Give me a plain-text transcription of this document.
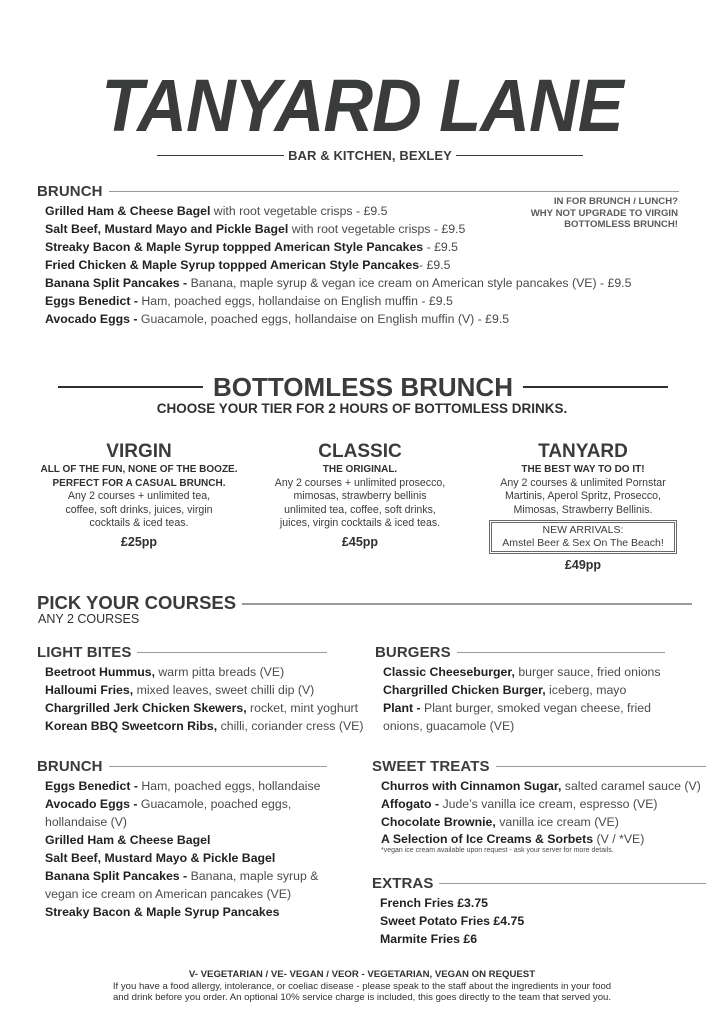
TANYARD LANE
BAR & KITCHEN, BEXLEY
BRUNCH
IN FOR BRUNCH / LUNCH?
WHY NOT UPGRADE TO VIRGIN
BOTTOMLESS BRUNCH!
Grilled Ham & Cheese Bagel with root vegetable crisps - £9.5
Salt Beef, Mustard Mayo and Pickle Bagel with root vegetable crisps - £9.5
Streaky Bacon & Maple Syrup toppped American Style Pancakes - £9.5
Fried Chicken & Maple Syrup toppped American Style Pancakes- £9.5
Banana Split Pancakes - Banana, maple syrup & vegan ice cream on American style pancakes (VE) - £9.5
Eggs Benedict - Ham, poached eggs, hollandaise on English muffin - £9.5
Avocado Eggs - Guacamole, poached eggs, hollandaise on English muffin (V) - £9.5
BOTTOMLESS BRUNCH
CHOOSE YOUR TIER FOR 2 HOURS OF BOTTOMLESS DRINKS.
VIRGIN
ALL OF THE FUN, NONE OF THE BOOZE.
PERFECT FOR A CASUAL BRUNCH.
Any 2 courses + unlimited tea,
coffee, soft drinks, juices, virgin
cocktails & iced teas.
£25pp
CLASSIC
THE ORIGINAL.
Any 2 courses + unlimited prosecco,
mimosas, strawberry bellinis
unlimited tea, coffee, soft drinks,
juices, virgin cocktails & iced teas.
£45pp
TANYARD
THE BEST WAY TO DO IT!
Any 2 courses & unlimited Pornstar
Martinis, Aperol Spritz, Prosecco,
Mimosas, Strawberry Bellinis.
NEW ARRIVALS:
Amstel Beer & Sex On The Beach!
£49pp
PICK YOUR COURSES
ANY 2 COURSES
LIGHT BITES
Beetroot Hummus, warm pitta breads (VE)
Halloumi Fries, mixed leaves, sweet chilli dip (V)
Chargrilled Jerk Chicken Skewers, rocket, mint yoghurt
Korean BBQ Sweetcorn Ribs, chilli, coriander cress (VE)
BURGERS
Classic Cheeseburger, burger sauce, fried onions
Chargrilled Chicken Burger, iceberg, mayo
Plant - Plant burger, smoked vegan cheese, fried
onions, guacamole (VE)
BRUNCH
Eggs Benedict - Ham, poached eggs, hollandaise
Avocado Eggs - Guacamole, poached eggs,
hollandaise (V)
Grilled Ham & Cheese Bagel
Salt Beef, Mustard Mayo & Pickle Bagel
Banana Split Pancakes - Banana, maple syrup &
vegan ice cream on American pancakes (VE)
Streaky Bacon & Maple Syrup Pancakes
SWEET TREATS
Churros with Cinnamon Sugar, salted caramel sauce (V)
Affogato - Jude’s vanilla ice cream, espresso (VE)
Chocolate Brownie, vanilla ice cream (VE)
A Selection of Ice Creams & Sorbets (V / *VE)
*vegan ice cream available upon request - ask your server for more details.
EXTRAS
French Fries £3.75
Sweet Potato Fries £4.75
Marmite Fries £6
V- VEGETARIAN / VE- VEGAN / VEOR - VEGETARIAN, VEGAN ON REQUEST
If you have a food allergy, intolerance, or coeliac disease - please speak to the staff about the ingredients in your food
and drink before you order. An optional 10% service charge is included, this goes directly to the team that served you.
